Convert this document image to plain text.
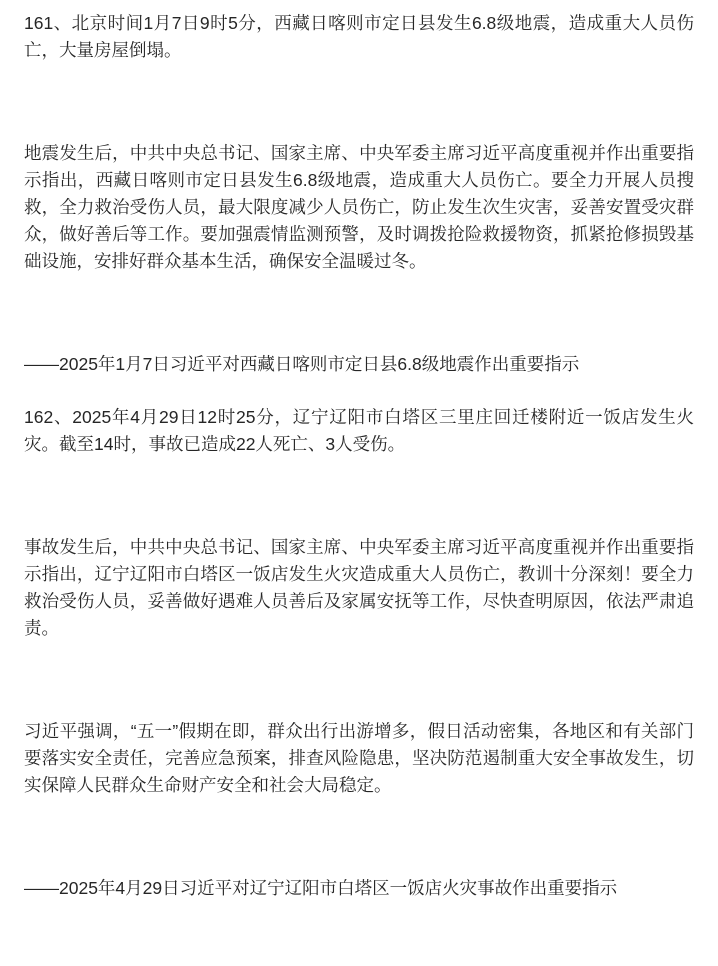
161、北京时间1月7日9时5分，西藏日喀则市定日县发生6.8级地震，造成重大人员伤亡，大量房屋倒塌。

地震发生后，中共中央总书记、国家主席、中央军委主席习近平高度重视并作出重要指示指出，西藏日喀则市定日县发生6.8级地震，造成重大人员伤亡。要全力开展人员搜救，全力救治受伤人员，最大限度减少人员伤亡，防止发生次生灾害，妥善安置受灾群众，做好善后等工作。要加强震情监测预警，及时调拨抢险救援物资，抓紧抢修损毁基础设施，安排好群众基本生活，确保安全温暖过冬。

——2025年1月7日习近平对西藏日喀则市定日县6.8级地震作出重要指示

162、2025年4月29日12时25分，辽宁辽阳市白塔区三里庄回迁楼附近一饭店发生火灾。截至14时，事故已造成22人死亡、3人受伤。

事故发生后，中共中央总书记、国家主席、中央军委主席习近平高度重视并作出重要指示指出，辽宁辽阳市白塔区一饭店发生火灾造成重大人员伤亡，教训十分深刻！要全力救治受伤人员，妥善做好遇难人员善后及家属安抚等工作，尽快查明原因，依法严肃追责。

习近平强调，“五一”假期在即，群众出行出游增多，假日活动密集，各地区和有关部门要落实安全责任，完善应急预案，排查风险隐患，坚决防范遏制重大安全事故发生，切实保障人民群众生命财产安全和社会大局稳定。

——2025年4月29日习近平对辽宁辽阳市白塔区一饭店火灾事故作出重要指示
